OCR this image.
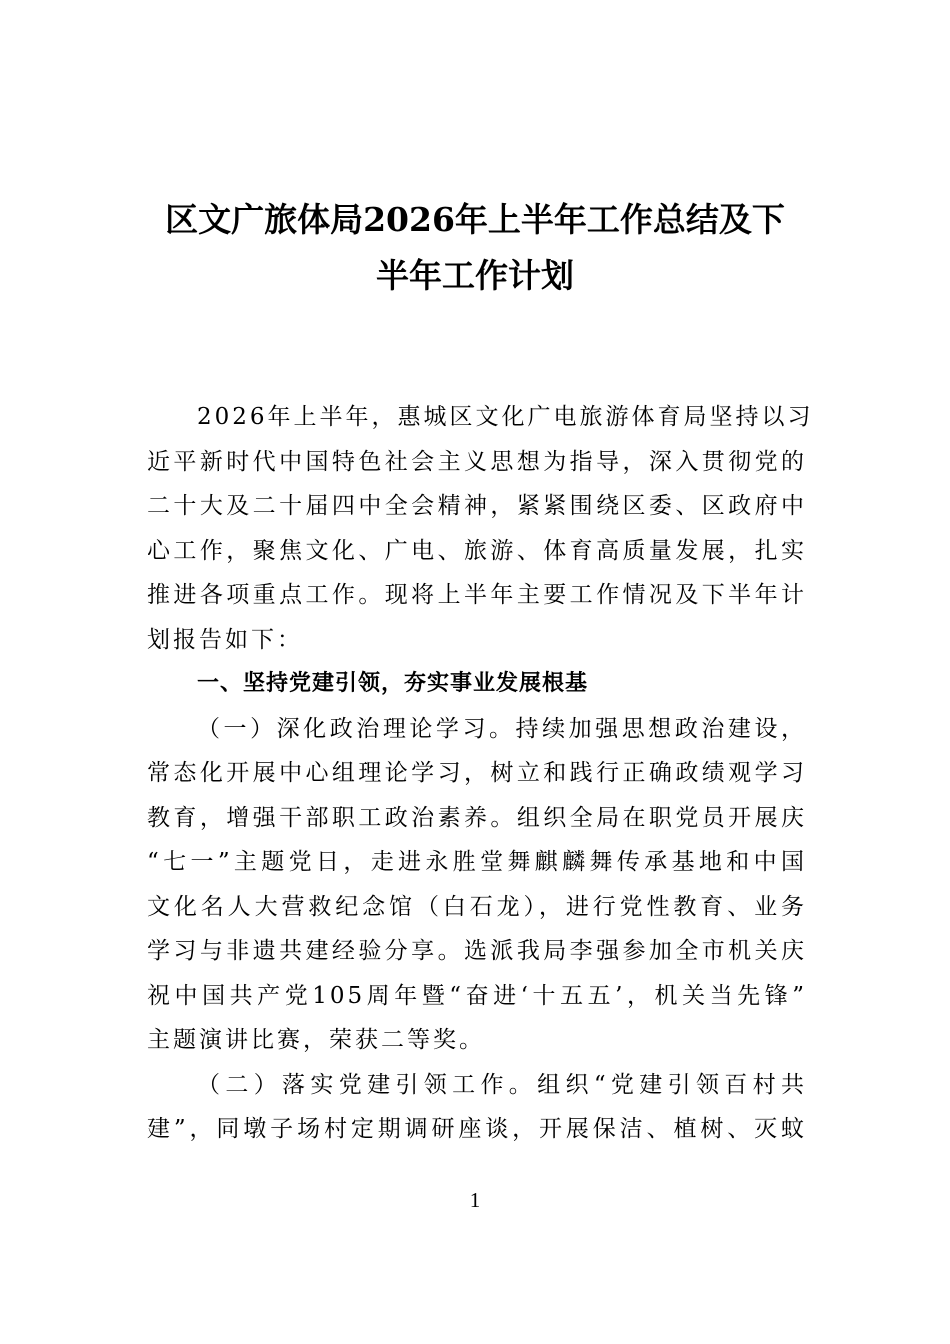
区文广旅体局2026年上半年工作总结及下
半年工作计划

2026年上半年，惠城区文化广电旅游体育局坚持以习
近平新时代中国特色社会主义思想为指导，深入贯彻党的
二十大及二十届四中全会精神，紧紧围绕区委、区政府中
心工作，聚焦文化、广电、旅游、体育高质量发展，扎实
推进各项重点工作。现将上半年主要工作情况及下半年计
划报告如下：

一、坚持党建引领，夯实事业发展根基

（一）深化政治理论学习。持续加强思想政治建设，
常态化开展中心组理论学习，树立和践行正确政绩观学习
教育，增强干部职工政治素养。组织全局在职党员开展庆
“七一”主题党日，走进永胜堂舞麒麟舞传承基地和中国
文化名人大营救纪念馆（白石龙），进行党性教育、业务
学习与非遗共建经验分享。选派我局李强参加全市机关庆
祝中国共产党105周年暨“奋进‘十五五’，机关当先锋”
主题演讲比赛，荣获二等奖。

（二）落实党建引领工作。组织“党建引领百村共
建”，同墩子场村定期调研座谈，开展保洁、植树、灭蚊

1
